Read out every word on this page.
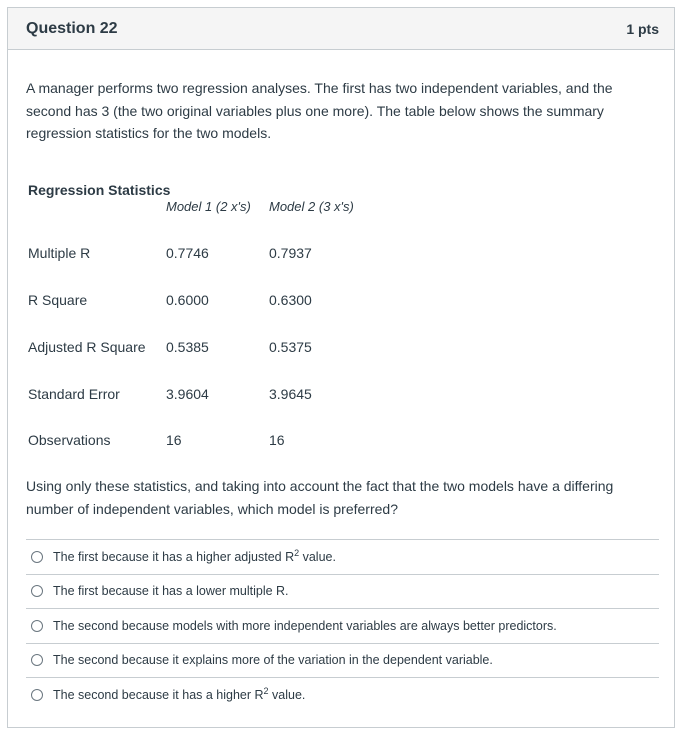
Question 22	1 pts

A manager performs two regression analyses. The first has two independent variables, and the second has 3 (the two original variables plus one more). The table below shows the summary regression statistics for the two models.

Regression Statistics
Model 1 (2 x's) Model 2 (3 x's)
Multiple R	0.7746	0.7937
R Square	0.6000	0.6300
Adjusted R Square 0.5385	0.5375
Standard Error	3.9604	3.9645
Observations	16	16

Using only these statistics, and taking into account the fact that the two models have a differing number of independent variables, which model is preferred?

The first because it has a higher adjusted $R^2$ value.
The first because it has a lower multiple R.
The second because models with more independent variables are always better predictors.
The second because it explains more of the variation in the dependent variable.
The second because it has a higher $R^2$ value.
